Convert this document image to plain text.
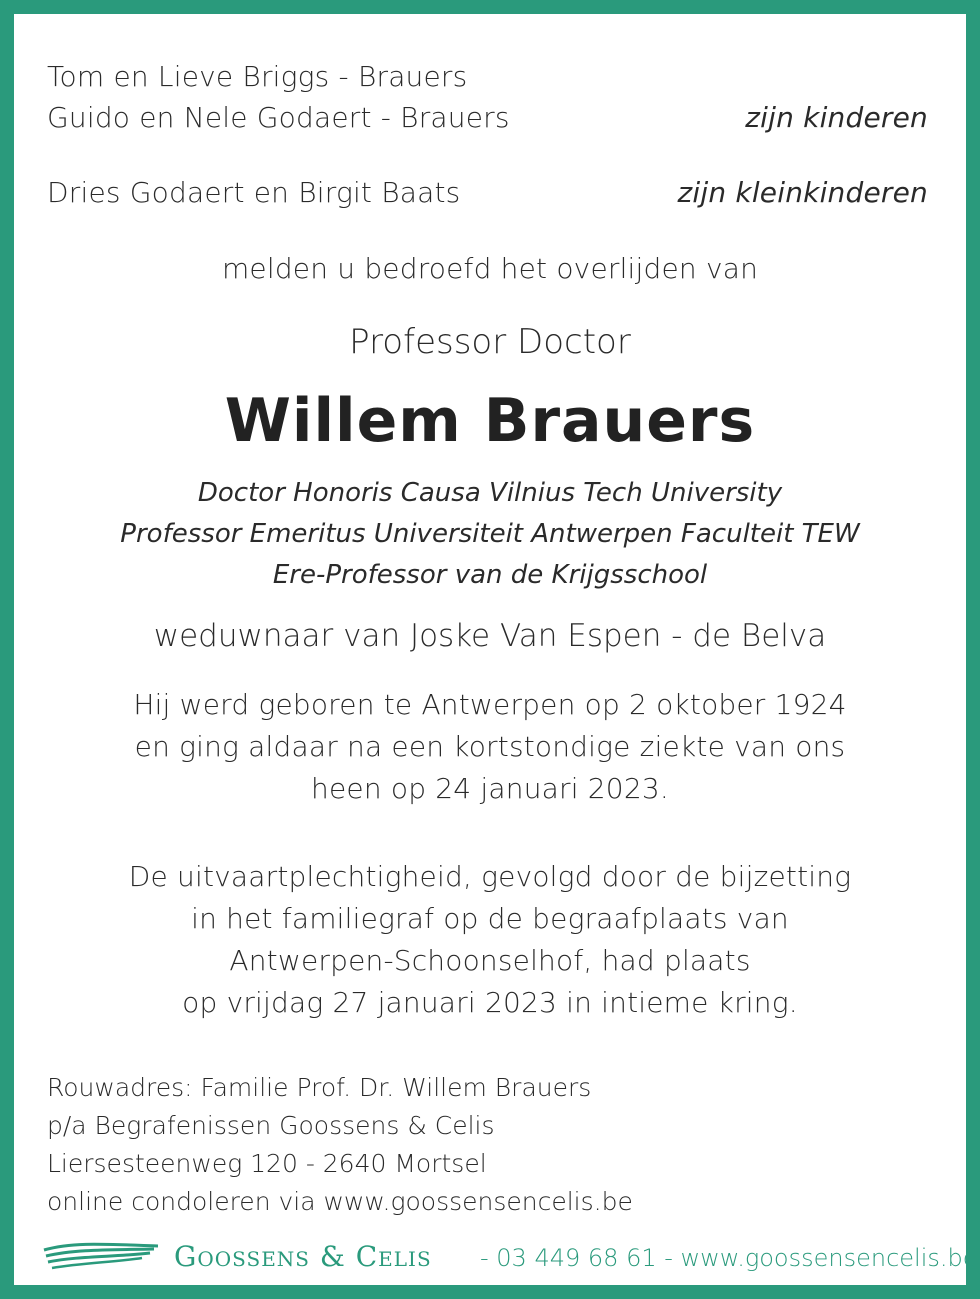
Tom en Lieve Briggs - Brauers
Guido en Nele Godaert - Brauers	zijn kinderen
Dries Godaert en Birgit Baats	zijn kleinkinderen
melden u bedroefd het overlijden van
Professor Doctor
Willem Brauers
Doctor Honoris Causa Vilnius Tech University
Professor Emeritus Universiteit Antwerpen Faculteit TEW
Ere-Professor van de Krijgsschool
weduwnaar van Joske Van Espen - de Belva
Hij werd geboren te Antwerpen op 2 oktober 1924
en ging aldaar na een kortstondige ziekte van ons
heen op 24 januari 2023.
De uitvaartplechtigheid, gevolgd door de bijzetting
in het familiegraf op de begraafplaats van
Antwerpen-Schoonselhof, had plaats
op vrijdag 27 januari 2023 in intieme kring.
Rouwadres: Familie Prof. Dr. Willem Brauers
p/a Begrafenissen Goossens & Celis
Liersesteenweg 120 - 2640 Mortsel
online condoleren via www.goossensencelis.be
Goossens & Celis - 03 449 68 61 - www.goossensencelis.be
